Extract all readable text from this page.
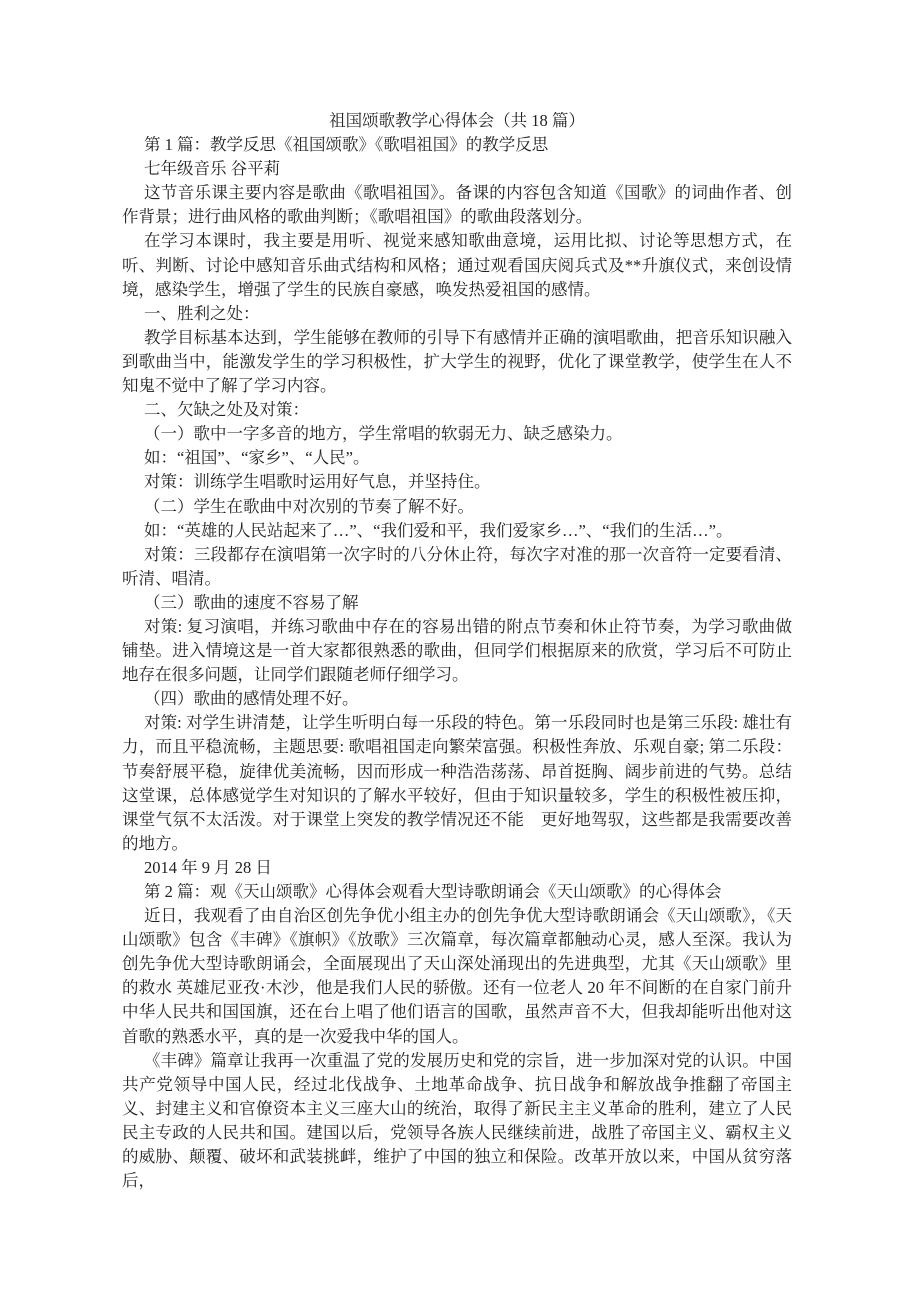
祖国颂歌教学心得体会（共 18 篇）

第 1 篇：教学反思《祖国颂歌》《歌唱祖国》的教学反思

七年级音乐 谷平莉

这节音乐课主要内容是歌曲《歌唱祖国》。备课的内容包含知道《国歌》的词曲作者、创作背景；进行曲风格的歌曲判断；《歌唱祖国》的歌曲段落划分。

在学习本课时，我主要是用听、视觉来感知歌曲意境，运用比拟、讨论等思想方式，在听、判断、讨论中感知音乐曲式结构和风格；通过观看国庆阅兵式及**升旗仪式，来创设情境，感染学生，增强了学生的民族自豪感，唤发热爱祖国的感情。

一、胜利之处：

教学目标基本达到，学生能够在教师的引导下有感情并正确的演唱歌曲，把音乐知识融入到歌曲当中，能激发学生的学习积极性，扩大学生的视野，优化了课堂教学，使学生在人不知鬼不觉中了解了学习内容。

二、欠缺之处及对策：

（一）歌中一字多音的地方，学生常唱的软弱无力、缺乏感染力。

如：“祖国”、“家乡”、“人民”。

对策：训练学生唱歌时运用好气息，并坚持住。

（二）学生在歌曲中对次别的节奏了解不好。

如：“英雄的人民站起来了…”、“我们爱和平，我们爱家乡…”、“我们的生活…”。

对策：三段都存在演唱第一次字时的八分休止符，每次字对准的那一次音符一定要看清、听清、唱清。

（三）歌曲的速度不容易了解

对策: 复习演唱，并练习歌曲中存在的容易出错的附点节奏和休止符节奏，为学习歌曲做铺垫。进入情境这是一首大家都很熟悉的歌曲，但同学们根据原来的欣赏，学习后不可防止地存在很多问题，让同学们跟随老师仔细学习。

（四）歌曲的感情处理不好。

对策: 对学生讲清楚，让学生听明白每一乐段的特色。第一乐段同时也是第三乐段: 雄壮有力，而且平稳流畅，主题思要: 歌唱祖国走向繁荣富强。积极性奔放、乐观自豪; 第二乐段：节奏舒展平稳，旋律优美流畅，因而形成一种浩浩荡荡、昂首挺胸、阔步前进的气势。总结这堂课，总体感觉学生对知识的了解水平较好，但由于知识量较多，学生的积极性被压抑，课堂气氛不太活泼。对于课堂上突发的教学情况还不能　更好地驾驭，这些都是我需要改善的地方。

2014 年 9 月 28 日

第 2 篇：观《天山颂歌》心得体会观看大型诗歌朗诵会《天山颂歌》的心得体会

近日，我观看了由自治区创先争优小组主办的创先争优大型诗歌朗诵会《天山颂歌》，《天山颂歌》包含《丰碑》《旗帜》《放歌》三次篇章，每次篇章都触动心灵，感人至深。我认为创先争优大型诗歌朗诵会，全面展现出了天山深处涌现出的先进典型，尤其《天山颂歌》里的救水 英雄尼亚孜·木沙，他是我们人民的骄傲。还有一位老人 20 年不间断的在自家门前升中华人民共和国国旗，还在台上唱了他们语言的国歌，虽然声音不大，但我却能听出他对这首歌的熟悉水平，真的是一次爱我中华的国人。

《丰碑》篇章让我再一次重温了党的发展历史和党的宗旨，进一步加深对党的认识。中国共产党领导中国人民，经过北伐战争、土地革命战争、抗日战争和解放战争推翻了帝国主义、封建主义和官僚资本主义三座大山的统治，取得了新民主主义革命的胜利，建立了人民民主专政的人民共和国。建国以后，党领导各族人民继续前进，战胜了帝国主义、霸权主义的威胁、颠覆、破坏和武装挑衅，维护了中国的独立和保险。改革开放以来，中国从贫穷落后，
